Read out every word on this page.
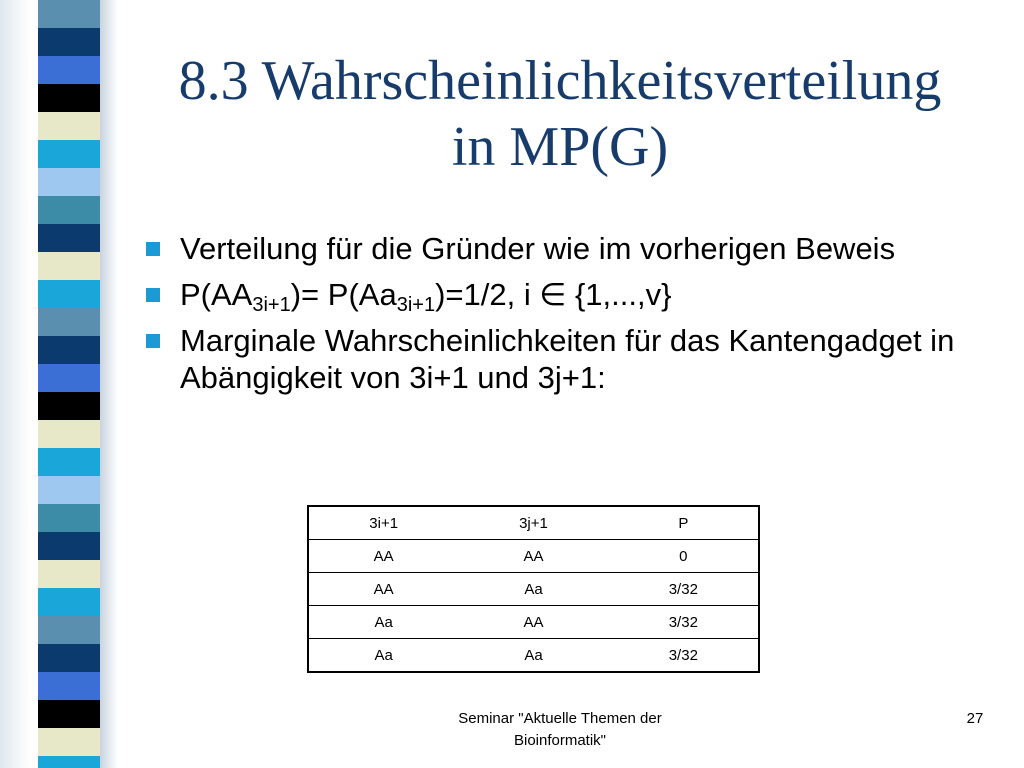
8.3 Wahrscheinlichkeitsverteilung
in MP(G)
Verteilung für die Gründer wie im vorherigen Beweis
$P(AA_{3i+1})= P(Aa_{3i+1})=1/2$, i ∈ {1,...,v}
Marginale Wahrscheinlichkeiten für das Kantengadget in Abängigkeit von 3i+1 und 3j+1:
3i+1	3j+1	P
AA	AA	0
AA	Aa	3/32
Aa	AA	3/32
Aa	Aa	3/32
Seminar "Aktuelle Themen der
Bioinformatik"
27
